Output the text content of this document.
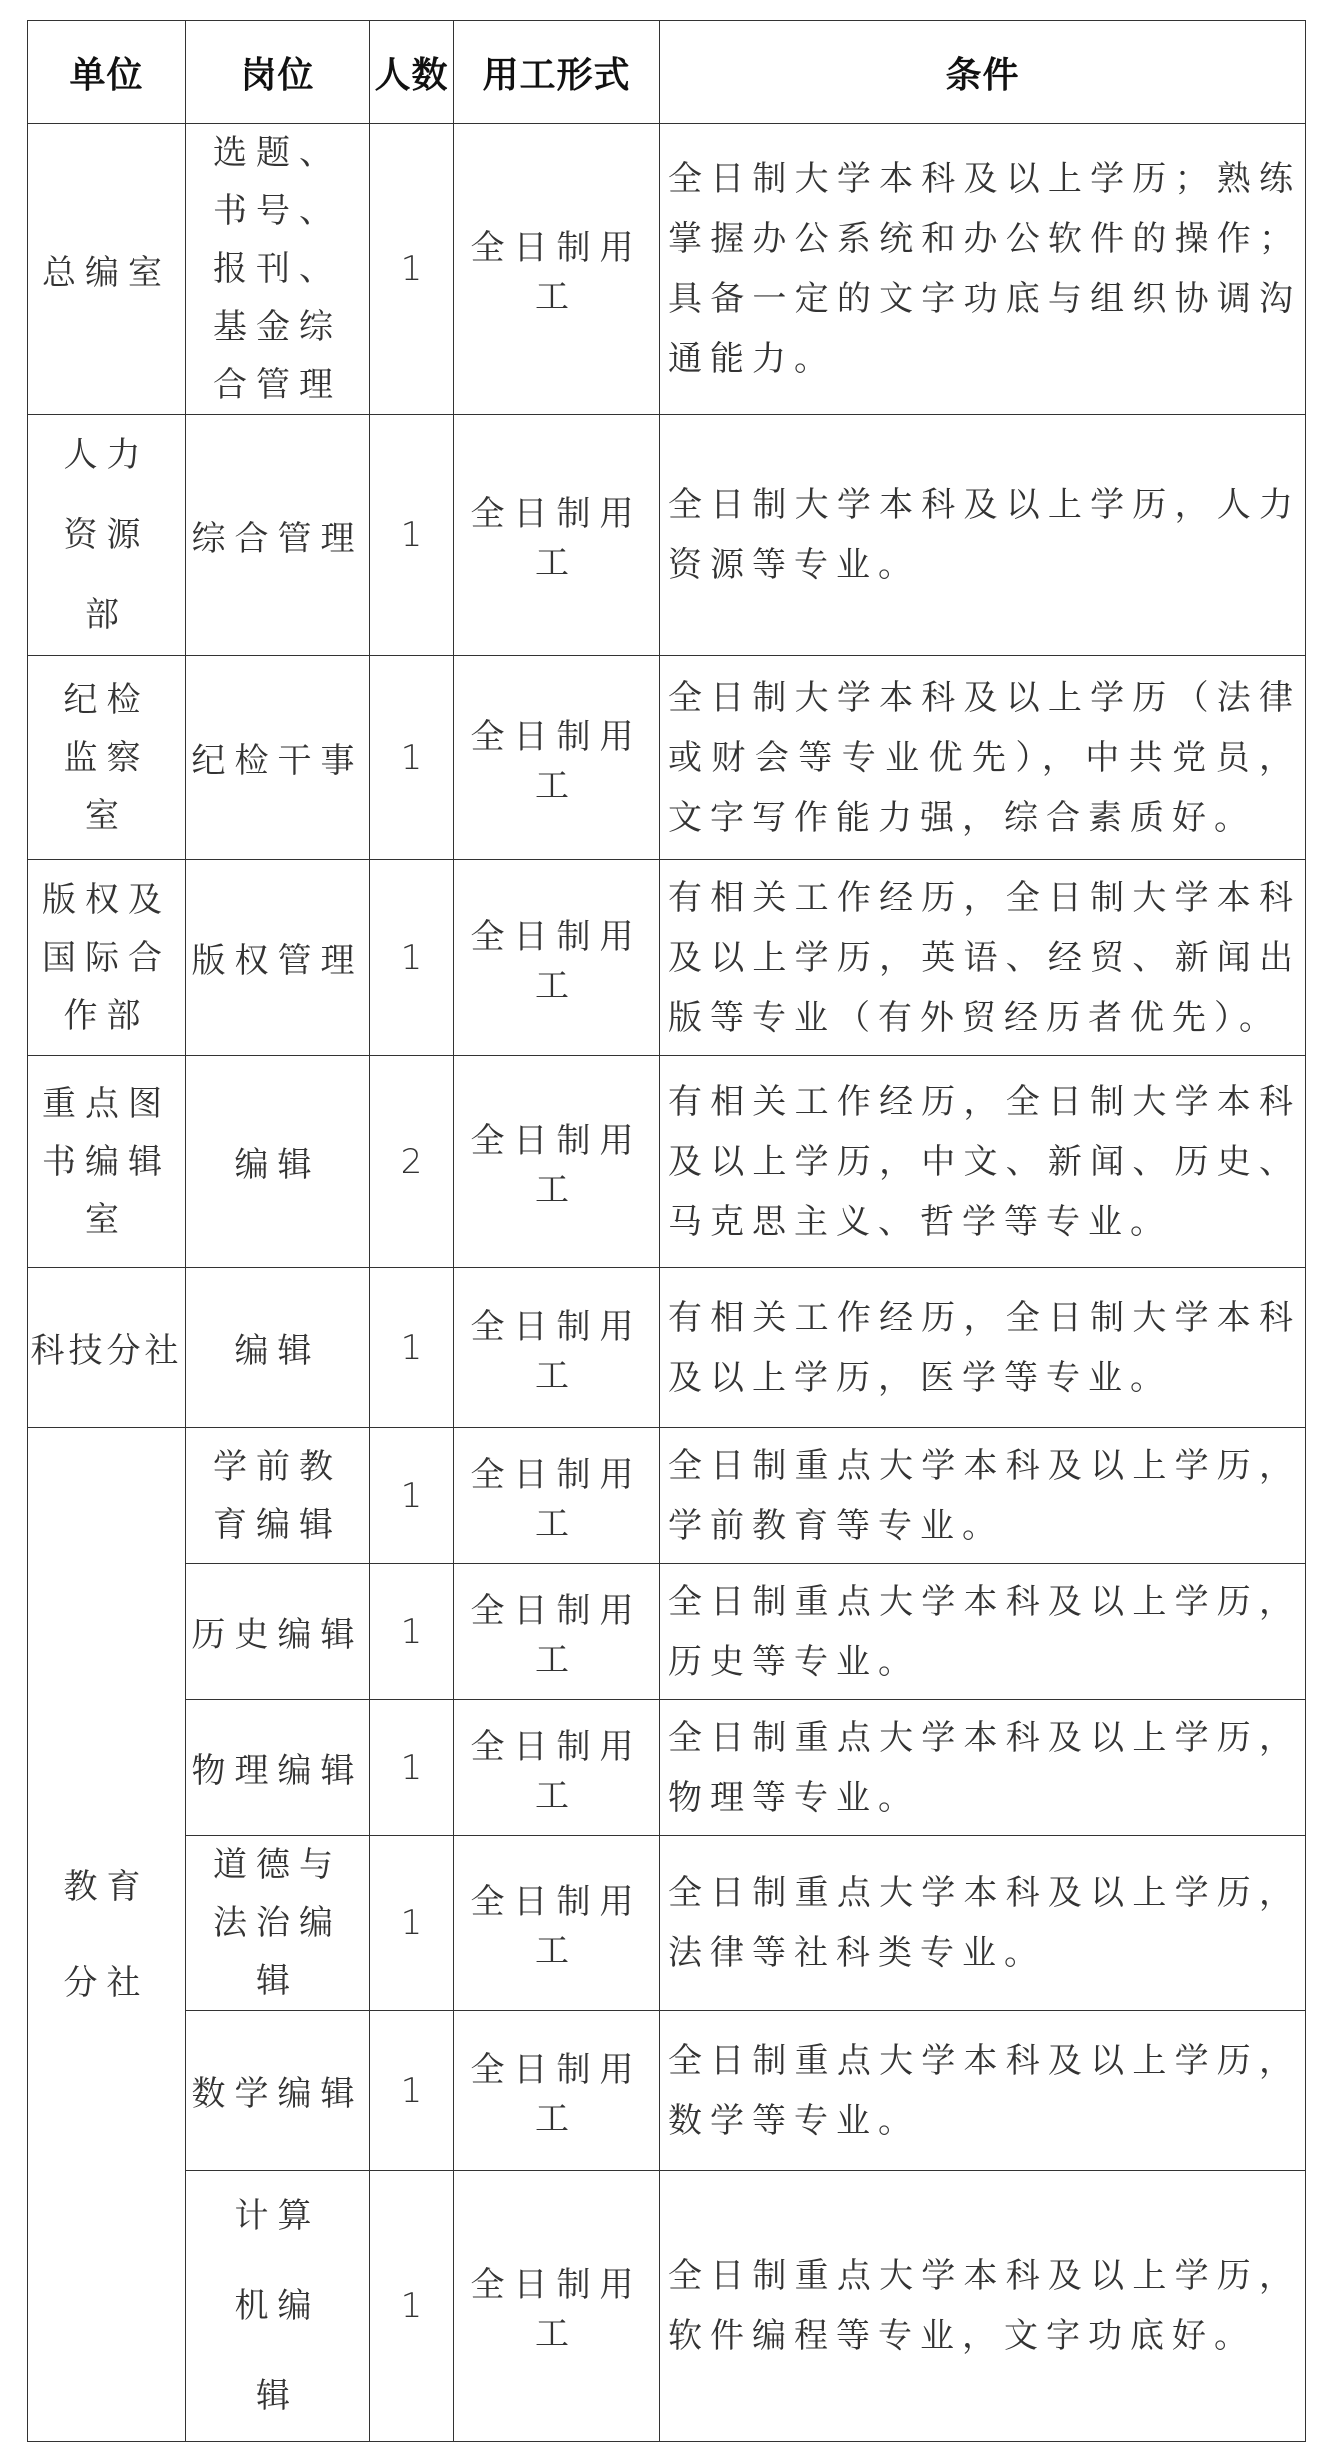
单位	岗位	人数	用工形式	条件
总编室	选题、书号、报刊、基金综合管理	1	全日制用工	全日制大学本科及以上学历；熟练掌握办公系统和办公软件的操作；具备一定的文字功底与组织协调沟通能力。
人力资源部	综合管理	1	全日制用工	全日制大学本科及以上学历，人力资源等专业。
纪检监察室	纪检干事	1	全日制用工	全日制大学本科及以上学历（法律或财会等专业优先），中共党员，文字写作能力强，综合素质好。
版权及国际合作部	版权管理	1	全日制用工	有相关工作经历，全日制大学本科及以上学历，英语、经贸、新闻出版等专业（有外贸经历者优先）。
重点图书编辑室	编辑	2	全日制用工	有相关工作经历，全日制大学本科及以上学历，中文、新闻、历史、马克思主义、哲学等专业。
科技分社	编辑	1	全日制用工	有相关工作经历，全日制大学本科及以上学历，医学等专业。
教育分社	学前教育编辑	1	全日制用工	全日制重点大学本科及以上学历，学前教育等专业。
	历史编辑	1	全日制用工	全日制重点大学本科及以上学历，历史等专业。
	物理编辑	1	全日制用工	全日制重点大学本科及以上学历，物理等专业。
	道德与法治编辑	1	全日制用工	全日制重点大学本科及以上学历，法律等社科类专业。
	数学编辑	1	全日制用工	全日制重点大学本科及以上学历，数学等专业。
	计算机编辑	1	全日制用工	全日制重点大学本科及以上学历，软件编程等专业，文字功底好。
